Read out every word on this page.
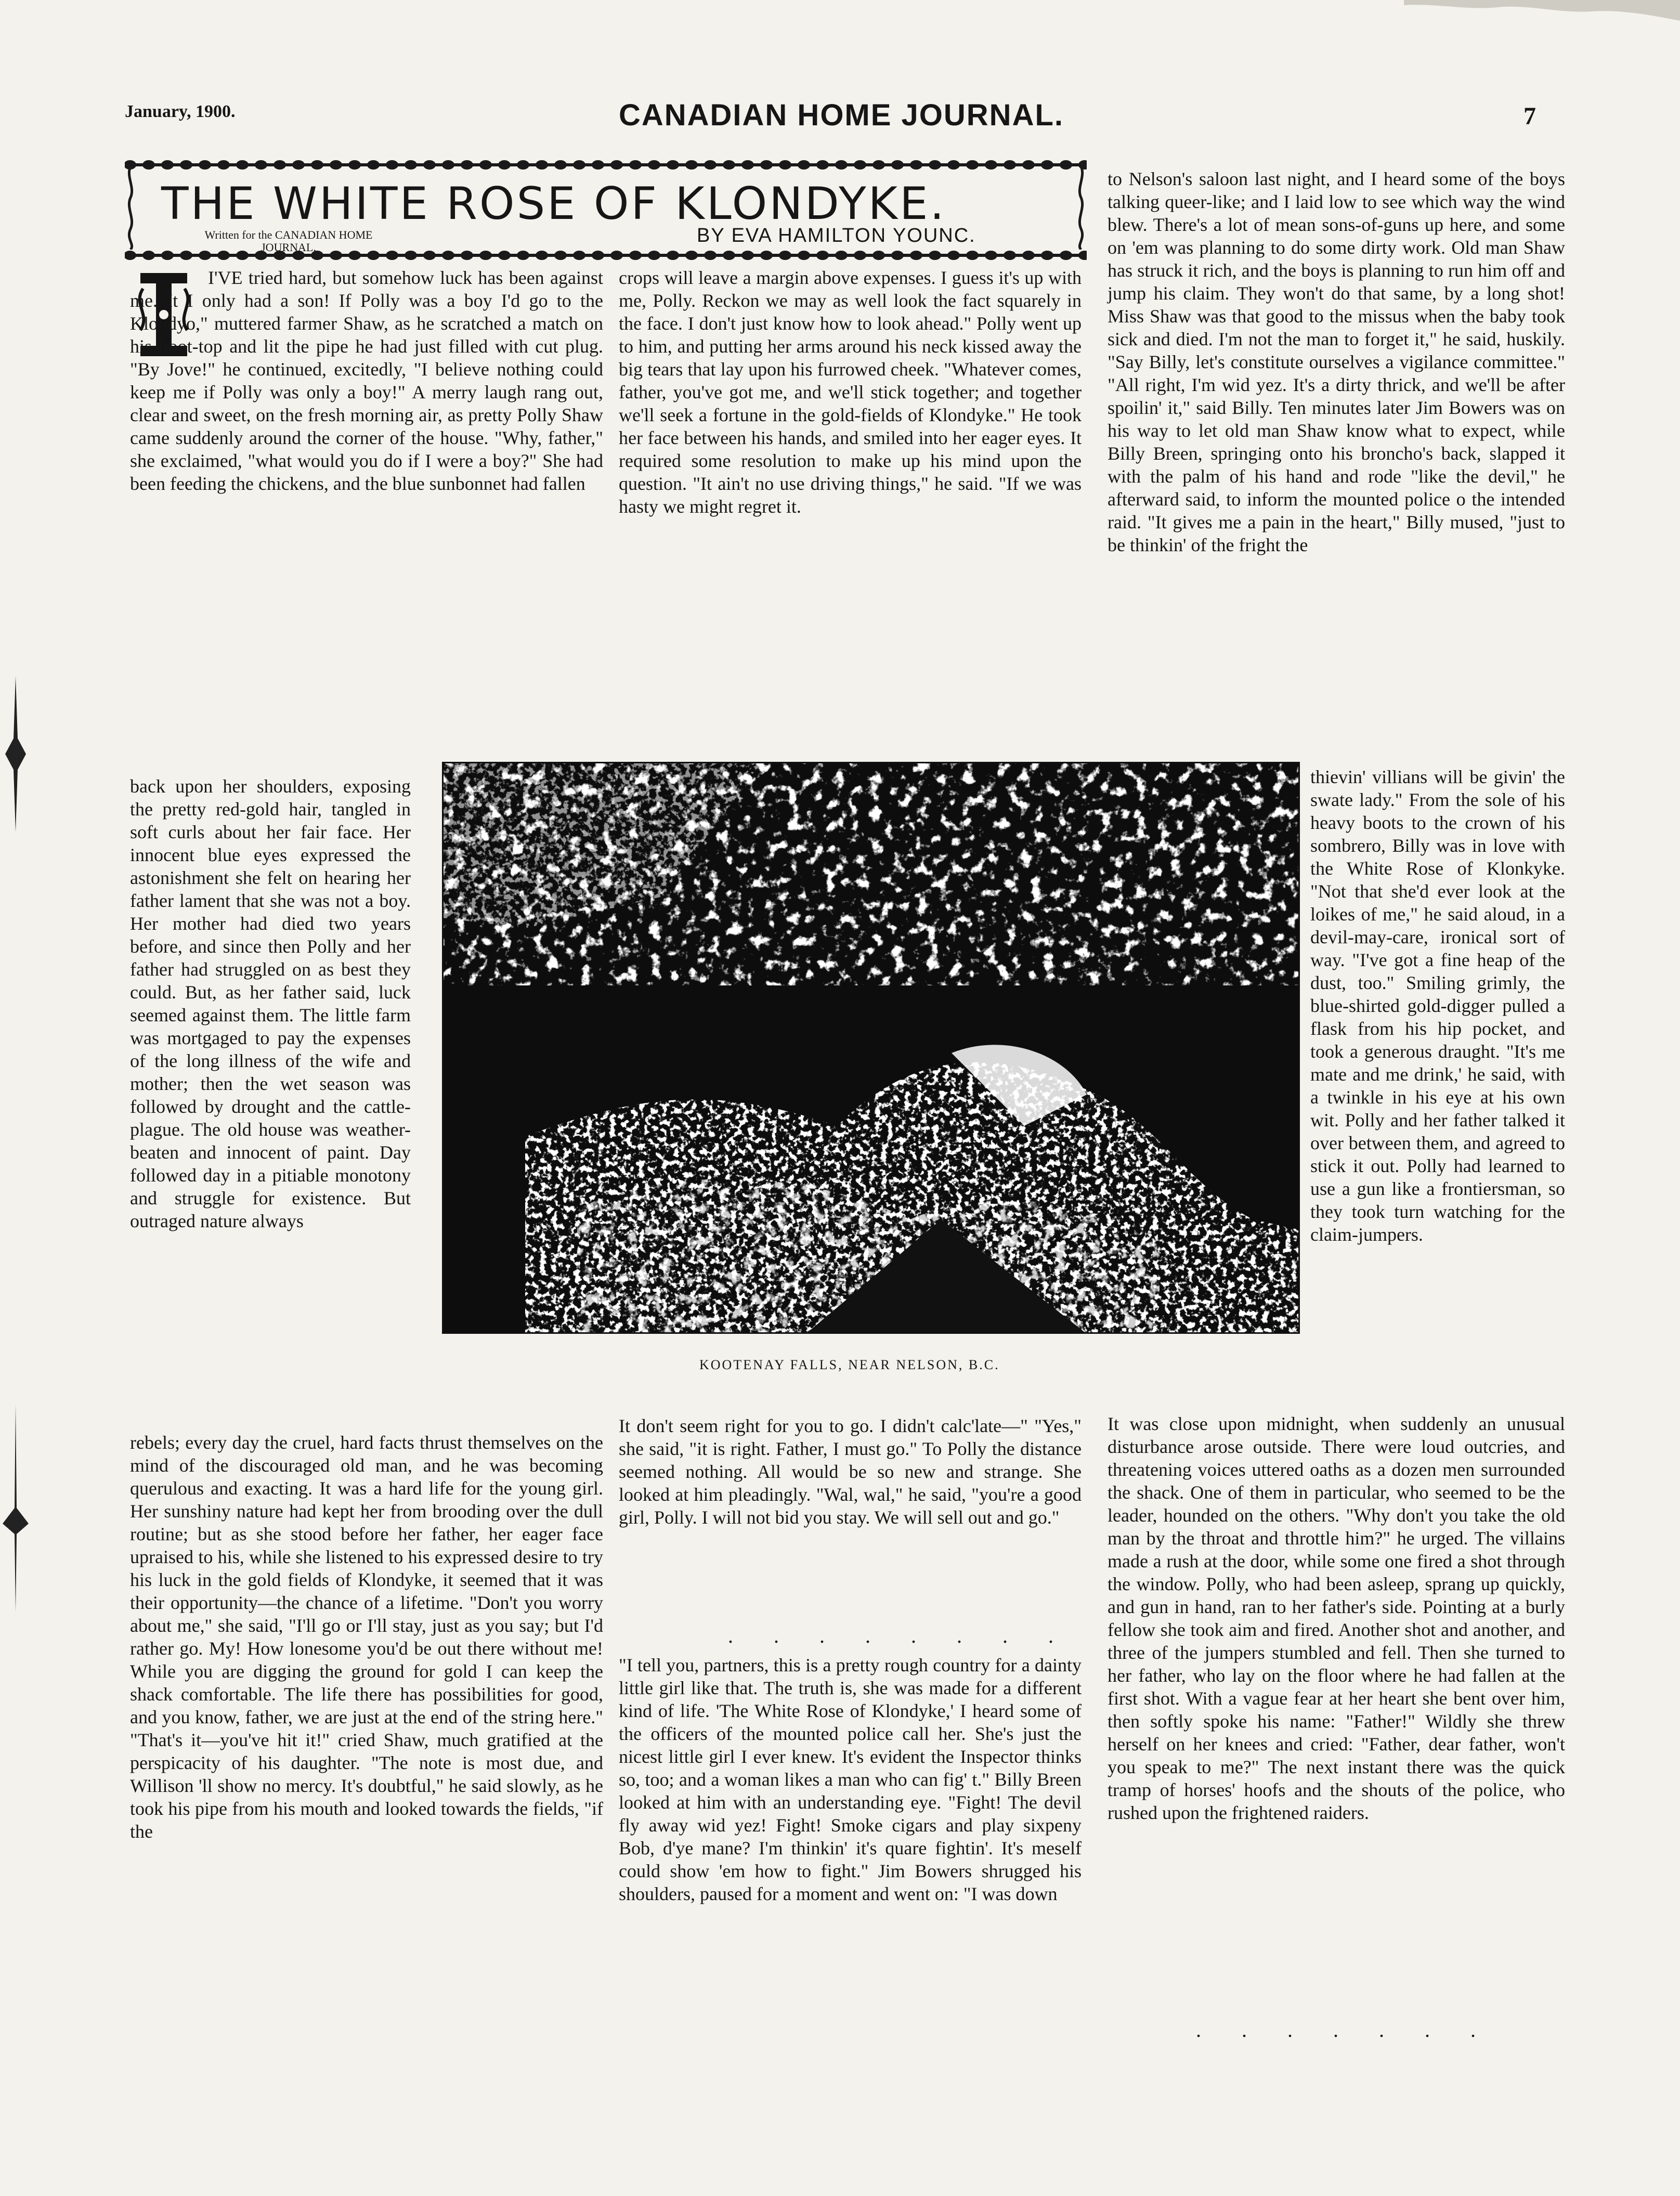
January, 1900.	CANADIAN HOME JOURNAL.	7
THE WHITE ROSE OF KLONDYKE.
Written for the CANADIAN HOME JOURNAL.
BY EVA HAMILTON YOUNC.

I'VE tried hard, but somehow luck has been against me. It I only had a son! If Polly was a boy I'd go to the Klondyo," muttered farmer Shaw, as he scratched a match on his boot-top and lit the pipe he had just filled with cut plug. "By Jove!" he continued, excitedly, "I believe nothing could keep me if Polly was only a boy!" A merry laugh rang out, clear and sweet, on the fresh morning air, as pretty Polly Shaw came suddenly around the corner of the house. "Why, father," she exclaimed, "what would you do if I were a boy?" She had been feeding the chickens, and the blue sunbonnet had fallen

back upon her shoulders, exposing the pretty red-gold hair, tangled in soft curls about her fair face. Her innocent blue eyes expressed the astonishment she felt on hearing her father lament that she was not a boy. Her mother had died two years before, and since then Polly and her father had struggled on as best they could. But, as her father said, luck seemed against them. The little farm was mortgaged to pay the expenses of the long illness of the wife and mother; then the wet season was followed by drought and the cattle-plague. The old house was weather-beaten and innocent of paint. Day followed day in a pitiable monotony and struggle for existence. But outraged nature always

rebels; every day the cruel, hard facts thrust themselves on the mind of the discouraged old man, and he was becoming querulous and exacting. It was a hard life for the young girl. Her sunshiny nature had kept her from brooding over the dull routine; but as she stood before her father, her eager face upraised to his, while she listened to his expressed desire to try his luck in the gold fields of Klondyke, it seemed that it was their opportunity—the chance of a lifetime. "Don't you worry about me," she said, "I'll go or I'll stay, just as you say; but I'd rather go. My! How lonesome you'd be out there without me! While you are digging the ground for gold I can keep the shack comfortable. The life there has possibilities for good, and you know, father, we are just at the end of the string here." "That's it—you've hit it!" cried Shaw, much gratified at the perspicacity of his daughter. "The note is most due, and Willison 'll show no mercy. It's doubtful," he said slowly, as he took his pipe from his mouth and looked towards the fields, "if the

crops will leave a margin above expenses. I guess it's up with me, Polly. Reckon we may as well look the fact squarely in the face. I don't just know how to look ahead." Polly went up to him, and putting her arms around his neck kissed away the big tears that lay upon his furrowed cheek. "Whatever comes, father, you've got me, and we'll stick together; and together we'll seek a fortune in the gold-fields of Klondyke." He took her face between his hands, and smiled into her eager eyes. It required some resolution to make up his mind upon the question. "It ain't no use driving things," he said. "If we was hasty we might regret it.

KOOTENAY FALLS, NEAR NELSON, B.C.

It don't seem right for you to go. I didn't calc'late—" "Yes," she said, "it is right. Father, I must go." To Polly the distance seemed nothing. All would be so new and strange. She looked at him pleadingly. "Wal, wal," he said, "you're a good girl, Polly. I will not bid you stay. We will sell out and go."

. . . . . . . .

"I tell you, partners, this is a pretty rough country for a dainty little girl like that. The truth is, she was made for a different kind of life. 'The White Rose of Klondyke,' I heard some of the officers of the mounted police call her. She's just the nicest little girl I ever knew. It's evident the Inspector thinks so, too; and a woman likes a man who can fig' t." Billy Breen looked at him with an understanding eye. "Fight! The devil fly away wid yez! Fight! Smoke cigars and play sixpeny Bob, d'ye mane? I'm thinkin' it's quare fightin'. It's meself could show 'em how to fight." Jim Bowers shrugged his shoulders, paused for a moment and went on: "I was down

to Nelson's saloon last night, and I heard some of the boys talking queer-like; and I laid low to see which way the wind blew. There's a lot of mean sons-of-guns up here, and some on 'em was planning to do some dirty work. Old man Shaw has struck it rich, and the boys is planning to run him off and jump his claim. They won't do that same, by a long shot! Miss Shaw was that good to the missus when the baby took sick and died. I'm not the man to forget it," he said, huskily. "Say Billy, let's constitute ourselves a vigilance committee." "All right, I'm wid yez. It's a dirty thrick, and we'll be after spoilin' it," said Billy. Ten minutes later Jim Bowers was on his way to let old man Shaw know what to expect, while Billy Breen, springing onto his broncho's back, slapped it with the palm of his hand and rode "like the devil," he afterward said, to inform the mounted police o the intended raid. "It gives me a pain in the heart," Billy mused, "just to be thinkin' of the fright the

thievin' villians will be givin' the swate lady." From the sole of his heavy boots to the crown of his sombrero, Billy was in love with the White Rose of Klonkyke. "Not that she'd ever look at the loikes of me," he said aloud, in a devil-may-care, ironical sort of way. "I've got a fine heap of the dust, too." Smiling grimly, the blue-shirted gold-digger pulled a flask from his hip pocket, and took a generous draught. "It's me mate and me drink,' he said, with a twinkle in his eye at his own wit. Polly and her father talked it over between them, and agreed to stick it out. Polly had learned to use a gun like a frontiersman, so they took turn watching for the claim-jumpers.

It was close upon midnight, when suddenly an unusual disturbance arose outside. There were loud outcries, and threatening voices uttered oaths as a dozen men surrounded the shack. One of them in particular, who seemed to be the leader, hounded on the others. "Why don't you take the old man by the throat and throttle him?" he urged. The villains made a rush at the door, while some one fired a shot through the window. Polly, who had been asleep, sprang up quickly, and gun in hand, ran to her father's side. Pointing at a burly fellow she took aim and fired. Another shot and another, and three of the jumpers stumbled and fell. Then she turned to her father, who lay on the floor where he had fallen at the first shot. With a vague fear at her heart she bent over him, then softly spoke his name: "Father!" Wildly she threw herself on her knees and cried: "Father, dear father, won't you speak to me?" The next instant there was the quick tramp of horses' hoofs and the shouts of the police, who rushed upon the frightened raiders.

. . . . . . .
